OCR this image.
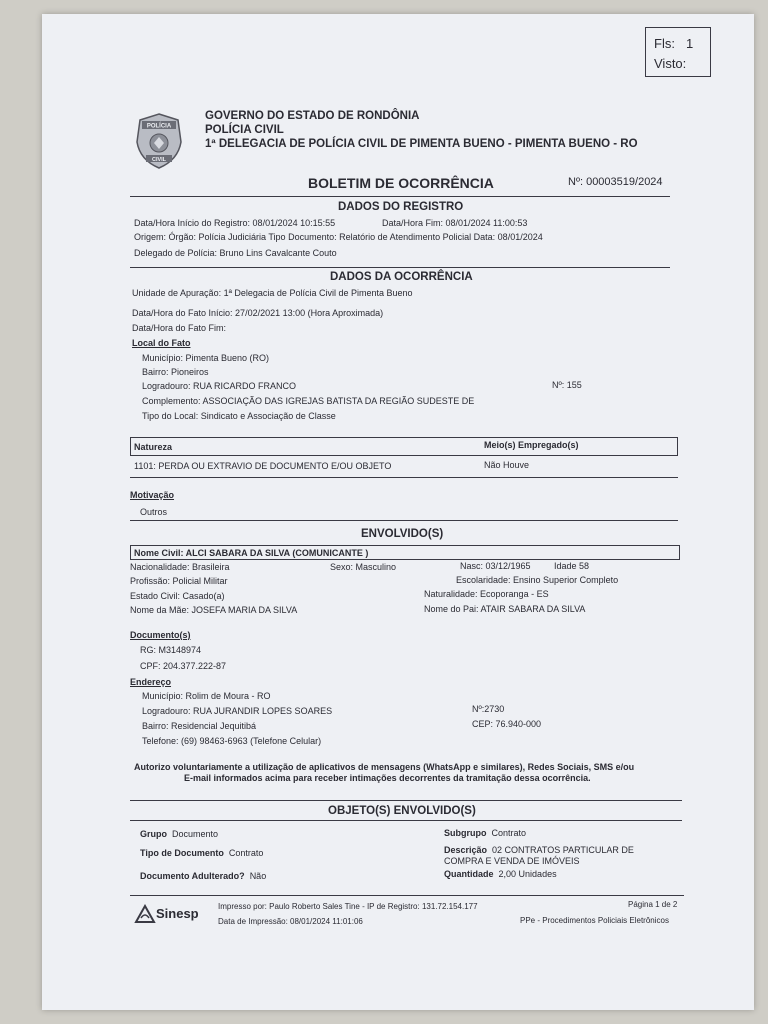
Fls: 1
Visto:
POLÍCIA
CIVIL
GOVERNO DO ESTADO DE RONDÔNIA
POLÍCIA CIVIL
1ª DELEGACIA DE POLÍCIA CIVIL DE PIMENTA BUENO - PIMENTA BUENO - RO
BOLETIM DE OCORRÊNCIA	Nº: 00003519/2024
DADOS DO REGISTRO
Data/Hora Início do Registro: 08/01/2024 10:15:55	Data/Hora Fim: 08/01/2024 11:00:53
Origem: Órgão: Polícia Judiciária Tipo Documento: Relatório de Atendimento Policial Data: 08/01/2024
Delegado de Polícia: Bruno Lins Cavalcante Couto
DADOS DA OCORRÊNCIA
Unidade de Apuração: 1ª Delegacia de Polícia Civil de Pimenta Bueno
Data/Hora do Fato Início: 27/02/2021 13:00 (Hora Aproximada)
Data/Hora do Fato Fim:
Local do Fato
Município: Pimenta Bueno (RO)
Bairro: Pioneiros
Logradouro: RUA RICARDO FRANCO	Nº: 155
Complemento: ASSOCIAÇÃO DAS IGREJAS BATISTA DA REGIÃO SUDESTE DE
Tipo do Local: Sindicato e Associação de Classe
Natureza	Meio(s) Empregado(s)
1101: PERDA OU EXTRAVIO DE DOCUMENTO E/OU OBJETO	Não Houve
Motivação
Outros
ENVOLVIDO(S)
Nome Civil: ALCI SABARA DA SILVA (COMUNICANTE )
Nacionalidade: Brasileira	Sexo: Masculino	Nasc: 03/12/1965	Idade 58
Profissão: Policial Militar	Escolaridade: Ensino Superior Completo
Estado Civil: Casado(a)	Naturalidade: Ecoporanga - ES
Nome da Mãe: JOSEFA MARIA DA SILVA	Nome do Pai: ATAIR SABARA DA SILVA
Documento(s)
RG: M3148974
CPF: 204.377.222-87
Endereço
Município: Rolim de Moura - RO
Logradouro: RUA JURANDIR LOPES SOARES	Nº:2730
Bairro: Residencial Jequitibá	CEP: 76.940-000
Telefone: (69) 98463-6963 (Telefone Celular)
Autorizo voluntariamente a utilização de aplicativos de mensagens (WhatsApp e similares), Redes Sociais, SMS e/ou
E-mail informados acima para receber intimações decorrentes da tramitação dessa ocorrência.
OBJETO(S) ENVOLVIDO(S)
Grupo Documento	Subgrupo Contrato
Tipo de Documento Contrato	Descrição 02 CONTRATOS PARTICULAR DE
COMPRA E VENDA DE IMÓVEIS
Documento Adulterado? Não	Quantidade 2,00 Unidades
Sinesp Impresso por: Paulo Roberto Sales Tine - IP de Registro: 131.72.154.177
Data de Impressão: 08/01/2024 11:01:06
Página 1 de 2
PPe - Procedimentos Policiais Eletrônicos
